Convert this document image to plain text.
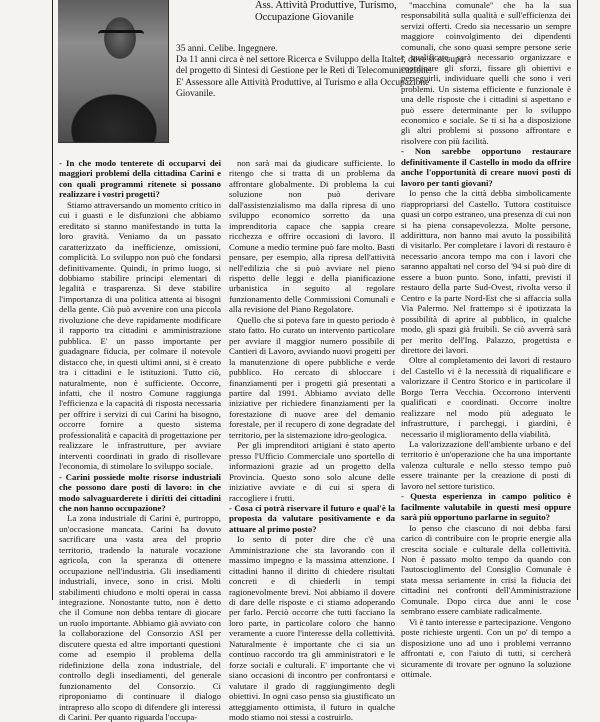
Ass. Attività Produttive, Turismo,
Occupazione Giovanile

35 anni. Celibe. Ingegnere.

Da 11 anni circa è nel settore Ricerca e Sviluppo della Italtel, dove si occupa del progetto di Sintesi di Gestione per le Reti di Telecomunicazione.

E' Assessore alle Attività Produttive, al Turismo e alla Occupazione Giovanile.

- In che modo tenterete di occuparvi dei maggiori problemi della cittadina Carini e con quali programmi ritenete si possano realizzare i vostri progetti?

Stiamo attraversando un momento critico in cui i guasti e le disfunzioni che abbiamo ereditato si stanno manifestando in tutta la loro gravità. Veniamo da un passato caratterizzato da inefficienze, omissioni, complicità. Lo sviluppo non può che fondarsi definitivamente. Quindi, in primo luogo, si dobbiamo stabilire principi elementari di legalità e trasparenza. Si deve stabilire l'importanza di una politica attenta ai bisogni della gente. Ciò può avvenire con una piccola rivoluzione che deve rapidamente modificare il rapporto tra cittadini e amministrazione pubblica. E' un passo importante per guadagnare fiducia, per colmare il notevole distacco che, in questi ultimi anni, si è creato tra i cittadini e le istituzioni. Tutto ciò, naturalmente, non è sufficiente. Occorre, infatti, che il nostro Comune raggiunga l'efficienza e la capacità di risposta necessaria per offrire i servizi di cui Carini ha bisogno, occorre fornire a questo sistema professionalità e capacità di progettazione per realizzare le infrastrutture, per avviare interventi coordinati in grado di risollevare l'economia, di stimolare lo sviluppo sociale.

- Carini possiede molte risorse industriali che possono dare posti di lavoro: in che modo salvaguarderete i diritti dei cittadini che non hanno occupazione?

La zona industriale di Carini è, purtroppo, un'occasione mancata. Carini ha dovuto sacrificare una vasta area del proprio territorio, tradendo la naturale vocazione agricola, con la speranza di ottenere occupazione nell'industria. Gli insediamenti industriali, invece, sono in crisi. Molti stabilimenti chiudono e molti operai in cassa integrazione. Nonostante tutto, non è detto che il Comune non debba tentare di giocare un ruolo importante. Abbiamo già avviato con la collaborazione del Consorzio ASI per discutere questa ed altre importanti questioni come ad esempio il problema della ridefinizione della zona industriale, del controllo degli insediamenti, del generale funzionamento del Consorzio. Ci riproponiamo di continuare il dialogo intrapreso allo scopo di difendere gli interessi di Carini. Per quanto riguarda l'occupa-

non sarà mai da giudicare sufficiente. Io ritengo che si tratta di un problema da affrontare globalmente. Di problema la cui soluzione non può derivare dall'assistenzialismo ma dalla ripresa di uno sviluppo economico sorretto da una imprenditoria capace che sappia creare ricchezza e offrire occasioni di lavoro. Il Comune a medio termine può fare molto. Basti pensare, per esempio, alla ripresa dell'attività nell'edilizia che si può avviare nel pieno rispetto delle leggi e della pianificazione urbanistica in seguito al regolare funzionamento delle Commissioni Comunali e alla revisione del Piano Regolatore.

Quello che si poteva fare in questo periodo è stato fatto. Ho curato un intervento particolare per avviare il maggior numero possibile di Cantieri di Lavoro, avviando nuovi progetti per la manutenzione di opere pubbliche e verde pubblico. Ho cercato di sbloccare i finanziamenti per i progetti già presentati a partire dal 1991. Abbiamo avviato delle iniziative per richiedere finanziamenti per la forestazione di nuove aree del demanio forestale, per il recupero di zone degradate del territorio, per la sistemazione idro-geologica.

Per gli imprenditori artigiani è stato aperto presso l'Ufficio Commerciale uno sportello di informazioni grazie ad un progetto della Provincia. Questo sono solo alcune delle iniziative avviate e di cui si spera di raccogliere i frutti.

- Cosa ci potrà riservare il futuro e qual'è la proposta da valutare positivamente e da attuare al primo posto?

Io sento di poter dire che c'è una Amministrazione che sta lavorando con il massimo impegno e la massima attenzione. I cittadini hanno il diritto di chiedere risultati concreti e di chiederli in tempi ragionevolmente brevi. Noi abbiamo il dovere di dare delle risposte e ci stiamo adoperando per farlo. Perciò occorre che tutti facciano la loro parte, in particolare coloro che hanno veramente a cuore l'interesse della collettività. Naturalmente è importante che ci sia un continuo raccordo tra gli amministratori e le forze sociali e culturali. E' importante che vi siano occasioni di incontro per confrontarsi e valutare il grado di raggiungimento degli obiettivi. In ogni caso penso sia giustificato un atteggiamento ottimista, il futuro in qualche modo stiamo noi stessi a costruirlo.

"macchina comunale" che ha la sua responsabilità sulla qualità e sull'efficienza dei servizi offerti. Credo sia necessario un sempre maggiore coinvolgimento dei dipendenti comunali, che sono quasi sempre persone serie e qualificate, sarà necessario organizzare e coordinare gli sforzi, fissare gli obiettivi e perseguirli, individuare quelli che sono i veri problemi. Un sistema efficiente e funzionale è una delle risposte che i cittadini si aspettano e può essere determinante per lo sviluppo economico e sociale. Se ti si ha a disposizione gli altri problemi si possono affrontare e risolvere con più facilità.

- Non sarebbe opportuno restaurare definitivamente il Castello in modo da offrire anche l'opportunità di creare nuovi posti di lavoro per tanti giovani?

Io penso che la città debba simbolicamente riappropriarsi del Castello. Tuttora costituisce quasi un corpo estraneo, una presenza di cui non si ha piena consapevolezza. Molte persone, addirittura, non hanno mai avuto la possibilità di visitarlo. Per completare i lavori di restauro è necessario ancora tempo ma con i lavori che saranno appaltati nel corso del '94 si può dire di essere a buon punto. Sono, infatti, previsti il restauro della parte Sud-Ovest, rivolta verso il Centro e la parte Nord-Est che si affaccia sulla Via Palermo. Nel frattempo si è ipotizzata la possibilità di aprire al pubblico, in qualche modo, gli spazi già fruibili. Se ciò avverrà sarà per merito dell'Ing. Palazzo, progettista e direttore dei lavori.

Oltre al completamento dei lavori di restauro del Castello vi è la necessità di riqualificare e valorizzare il Centro Storico e in particolare il Borgo Terra Vecchia. Occorrono interventi qualificati e coordinati. Occorre inoltre realizzare nel modo più adeguato le infrastrutture, i parcheggi, i giardini, è necessario il miglioramento della viabilità.

La valorizzazione dell'ambiente urbano e del territorio è un'operazione che ha una importante valenza culturale e nello stesso tempo può essere trainante per la creazione di posti di lavoro nel settore turistico.

- Questa esperienza in campo politico è facilmente valutabile in questi mesi oppure sarà più opportuno parlarne in seguito?

Io penso che ciascuno di noi debba farsi carico di contribuire con le proprie energie alla crescita sociale e culturale della collettività. Non è passato molto tempo da quando con l'autoscioglimento del Consiglio Comunale è stata messa seriamente in crisi la fiducia dei cittadini nei confronti dell'Amministrazione Comunale. Dopo circa due anni le cose sembrano essere cambiate radicalmente.

Vi è tanto interesse e partecipazione. Vengono poste richieste urgenti. Con un po' di tempo a disposizione uno ad uno i problemi verranno affrontati e, con l'aiuto di tutti, si cercherà sicuramente di trovare per ognuno la soluzione ottimale.
